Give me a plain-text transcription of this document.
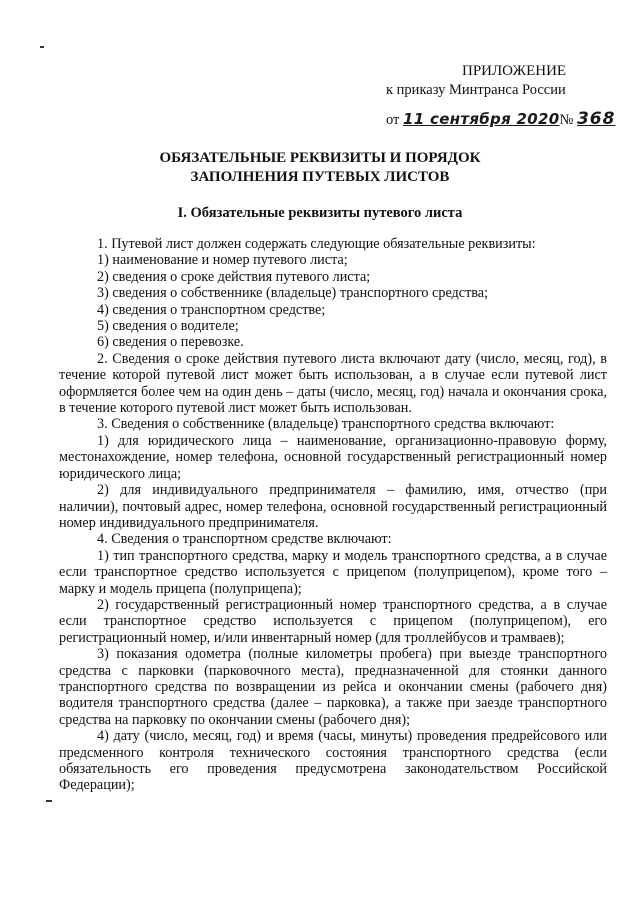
ПРИЛОЖЕНИЕ
к приказу Минтранса России
от 11 сентября 2020№ 368
ОБЯЗАТЕЛЬНЫЕ РЕКВИЗИТЫ И ПОРЯДОК
ЗАПОЛНЕНИЯ ПУТЕВЫХ ЛИСТОВ
I. Обязательные реквизиты путевого листа

1. Путевой лист должен содержать следующие обязательные реквизиты:

1) наименование и номер путевого листа;

2) сведения о сроке действия путевого листа;

3) сведения о собственнике (владельце) транспортного средства;

4) сведения о транспортном средстве;

5) сведения о водителе;

6) сведения о перевозке.

2. Сведения о сроке действия путевого листа включают дату (число, месяц, год), в течение которой путевой лист может быть использован, а в случае если путевой лист оформляется более чем на один день – даты (число, месяц, год) начала и окончания срока, в течение которого путевой лист может быть использован.

3. Сведения о собственнике (владельце) транспортного средства включают:

1) для юридического лица – наименование, организационно-правовую форму, местонахождение, номер телефона, основной государственный регистрационный номер юридического лица;

2) для индивидуального предпринимателя – фамилию, имя, отчество (при наличии), почтовый адрес, номер телефона, основной государственный регистрационный номер индивидуального предпринимателя.

4. Сведения о транспортном средстве включают:

1) тип транспортного средства, марку и модель транспортного средства, а в случае если транспортное средство используется с прицепом (полуприцепом), кроме того – марку и модель прицепа (полуприцепа);

2) государственный регистрационный номер транспортного средства, а в случае если транспортное средство используется с прицепом (полуприцепом), его регистрационный номер, и/или инвентарный номер (для троллейбусов и трамваев);

3) показания одометра (полные километры пробега) при выезде транспортного средства с парковки (парковочного места), предназначенной для стоянки данного транспортного средства по возвращении из рейса и окончании смены (рабочего дня) водителя транспортного средства (далее – парковка), а также при заезде транспортного средства на парковку по окончании смены (рабочего дня);

4) дату (число, месяц, год) и время (часы, минуты) проведения предрейсового или предсменного контроля технического состояния транспортного средства (если обязательность его проведения предусмотрена законодательством Российской Федерации);
